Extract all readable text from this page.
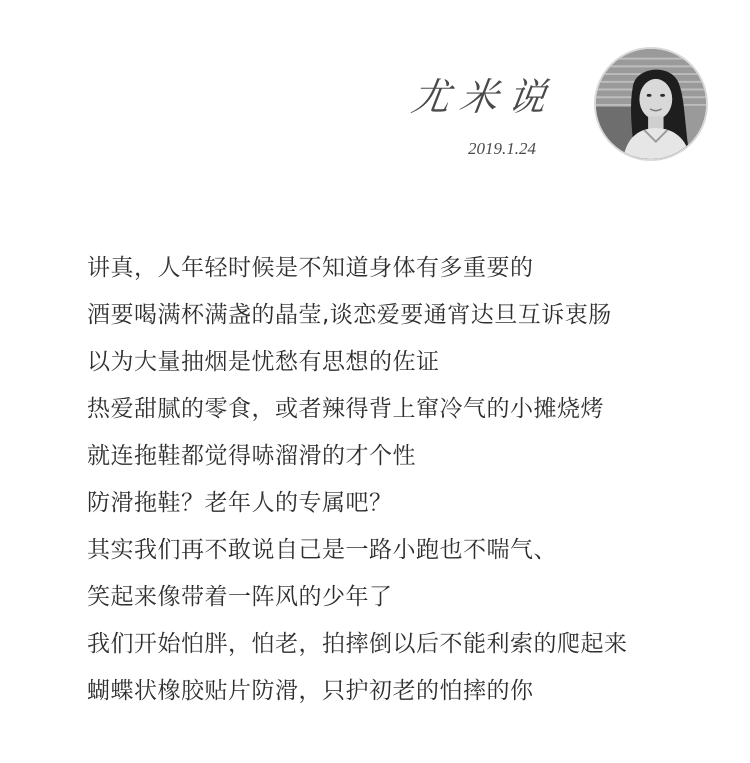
尤米说
2019.1.24
讲真，人年轻时候是不知道身体有多重要的
酒要喝满杯满盏的晶莹,谈恋爱要通宵达旦互诉衷肠
以为大量抽烟是忧愁有思想的佐证
热爱甜腻的零食，或者辣得背上窜冷气的小摊烧烤
就连拖鞋都觉得哧溜滑的才个性
防滑拖鞋？老年人的专属吧？
其实我们再不敢说自己是一路小跑也不喘气、
笑起来像带着一阵风的少年了
我们开始怕胖，怕老，拍摔倒以后不能利索的爬起来
蝴蝶状橡胶贴片防滑，只护初老的怕摔的你
